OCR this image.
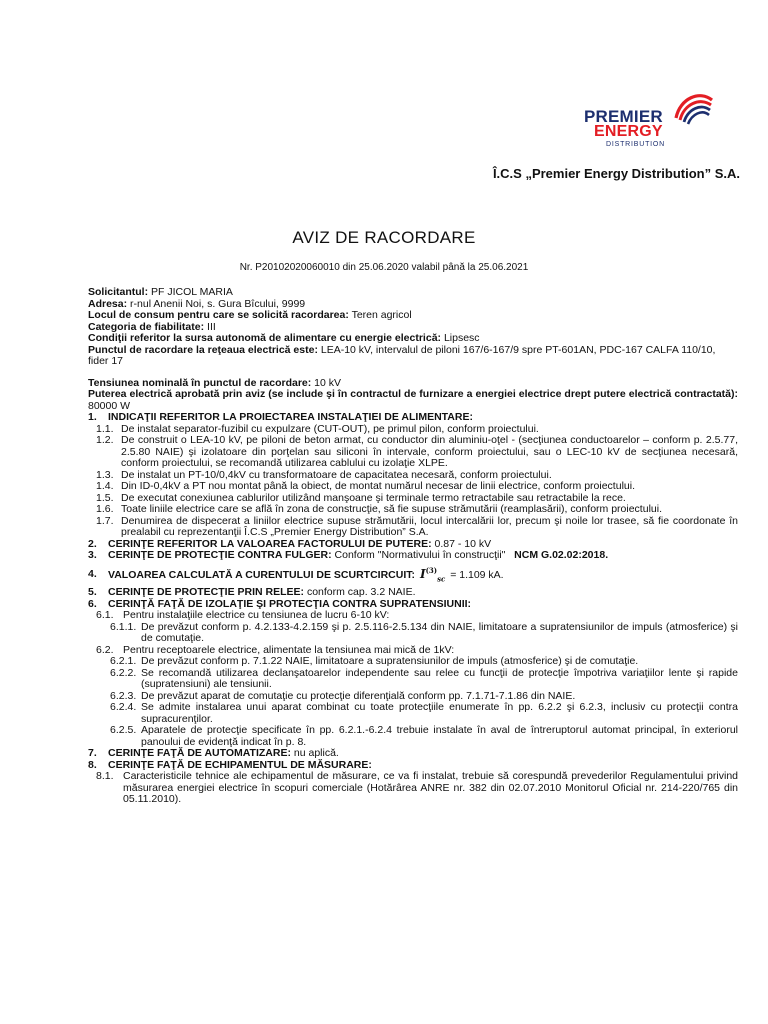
PREMIER
ENERGY
DISTRIBUTION
Î.C.S „Premier Energy Distribution” S.A.
AVIZ DE RACORDARE
Nr. P20102020060010 din 25.06.2020 valabil până la 25.06.2021
Solicitantul: PF JICOL MARIA
Adresa: r-nul Anenii Noi, s. Gura Bîcului, 9999
Locul de consum pentru care se solicită racordarea: Teren agricol
Categoria de fiabilitate: III
Condiţii referitor la sursa autonomă de alimentare cu energie electrică: Lipsesc
Punctul de racordare la reţeaua electrică este: LEA-10 kV, intervalul de piloni 167/6-167/9 spre PT-601AN, PDC-167 CALFA 110/10, fider 17
Tensiunea nominală în punctul de racordare: 10 kV
Puterea electrică aprobată prin aviz (se include şi în contractul de furnizare a energiei electrice drept putere electrică contractată): 80000 W
1.	INDICAŢII REFERITOR LA PROIECTAREA INSTALAŢIEI DE ALIMENTARE:
1.1. De instalat separator-fuzibil cu expulzare (CUT-OUT), pe primul pilon, conform proiectului.
1.2. De construit o LEA-10 kV, pe piloni de beton armat, cu conductor din aluminiu-oţel - (secţiunea conductoarelor – conform p. 2.5.77, 2.5.80 NAIE) şi izolatoare din porţelan sau siliconi în intervale, conform proiectului, sau o LEC-10 kV de secţiunea necesară, conform proiectului, se recomandă utilizarea cablului cu izolaţie XLPE.
1.3. De instalat un PT-10/0,4kV cu transformatoare de capacitatea necesară, conform proiectului.
1.4. Din ID-0,4kV a PT nou montat până la obiect, de montat numărul necesar de linii electrice, conform proiectului.
1.5. De executat conexiunea cablurilor utilizând manşoane şi terminale termo retractabile sau retractabile la rece.
1.6. Toate liniile electrice care se află în zona de construcţie, să fie supuse strămutării (reamplasării), conform proiectului.
1.7. Denumirea de dispecerat a liniilor electrice supuse strămutării, locul intercalării lor, precum şi noile lor trasee, să fie coordonate în prealabil cu reprezentanţii Î.C.S „Premier Energy Distribution” S.A.
2.	CERINŢE REFERITOR LA VALOAREA FACTORULUI DE PUTERE: 0.87 - 10 kV
3.	CERINŢE DE PROTECŢIE CONTRA FULGER: Conform "Normativului în construcţii" NCM G.02.02:2018.
4.	VALOAREA CALCULATĂ A CURENTULUI DE SCURTCIRCUIT: $I^{(3)}_{sc} = 1.109$ kA.
5.	CERINŢE DE PROTECŢIE PRIN RELEE: conform cap. 3.2 NAIE.
6.	CERINŢĂ FAŢĂ DE IZOLAŢIE ŞI PROTECŢIA CONTRA SUPRATENSIUNII:
6.1. Pentru instalaţiile electrice cu tensiunea de lucru 6-10 kV:
6.1.1. De prevăzut conform p. 4.2.133-4.2.159 şi p. 2.5.116-2.5.134 din NAIE, limitatoare a supratensiunilor de impuls (atmosferice) şi de comutaţie.
6.2. Pentru receptoarele electrice, alimentate la tensiunea mai mică de 1kV:
6.2.1. De prevăzut conform p. 7.1.22 NAIE, limitatoare a supratensiunilor de impuls (atmosferice) şi de comutaţie.
6.2.2. Se recomandă utilizarea declanşatoarelor independente sau relee cu funcţii de protecţie împotriva variaţiilor lente şi rapide (supratensiuni) ale tensiunii.
6.2.3. De prevăzut aparat de comutaţie cu protecţie diferenţială conform pp. 7.1.71-7.1.86 din NAIE.
6.2.4. Se admite instalarea unui aparat combinat cu toate protecţiile enumerate în pp. 6.2.2 şi 6.2.3, inclusiv cu protecţii contra supracurenţilor.
6.2.5. Aparatele de protecţie specificate în pp. 6.2.1.-6.2.4 trebuie instalate în aval de întreruptorul automat principal, în exteriorul panoului de evidenţă indicat în p. 8.
7.	CERINŢE FAŢĂ DE AUTOMATIZARE: nu aplică.
8.	CERINŢE FAŢĂ DE ECHIPAMENTUL DE MĂSURARE:
8.1. Caracteristicile tehnice ale echipamentul de măsurare, ce va fi instalat, trebuie să corespundă prevederilor Regulamentului privind măsurarea energiei electrice în scopuri comerciale (Hotărârea ANRE nr. 382 din 02.07.2010 Monitorul Oficial nr. 214-220/765 din 05.11.2010).
